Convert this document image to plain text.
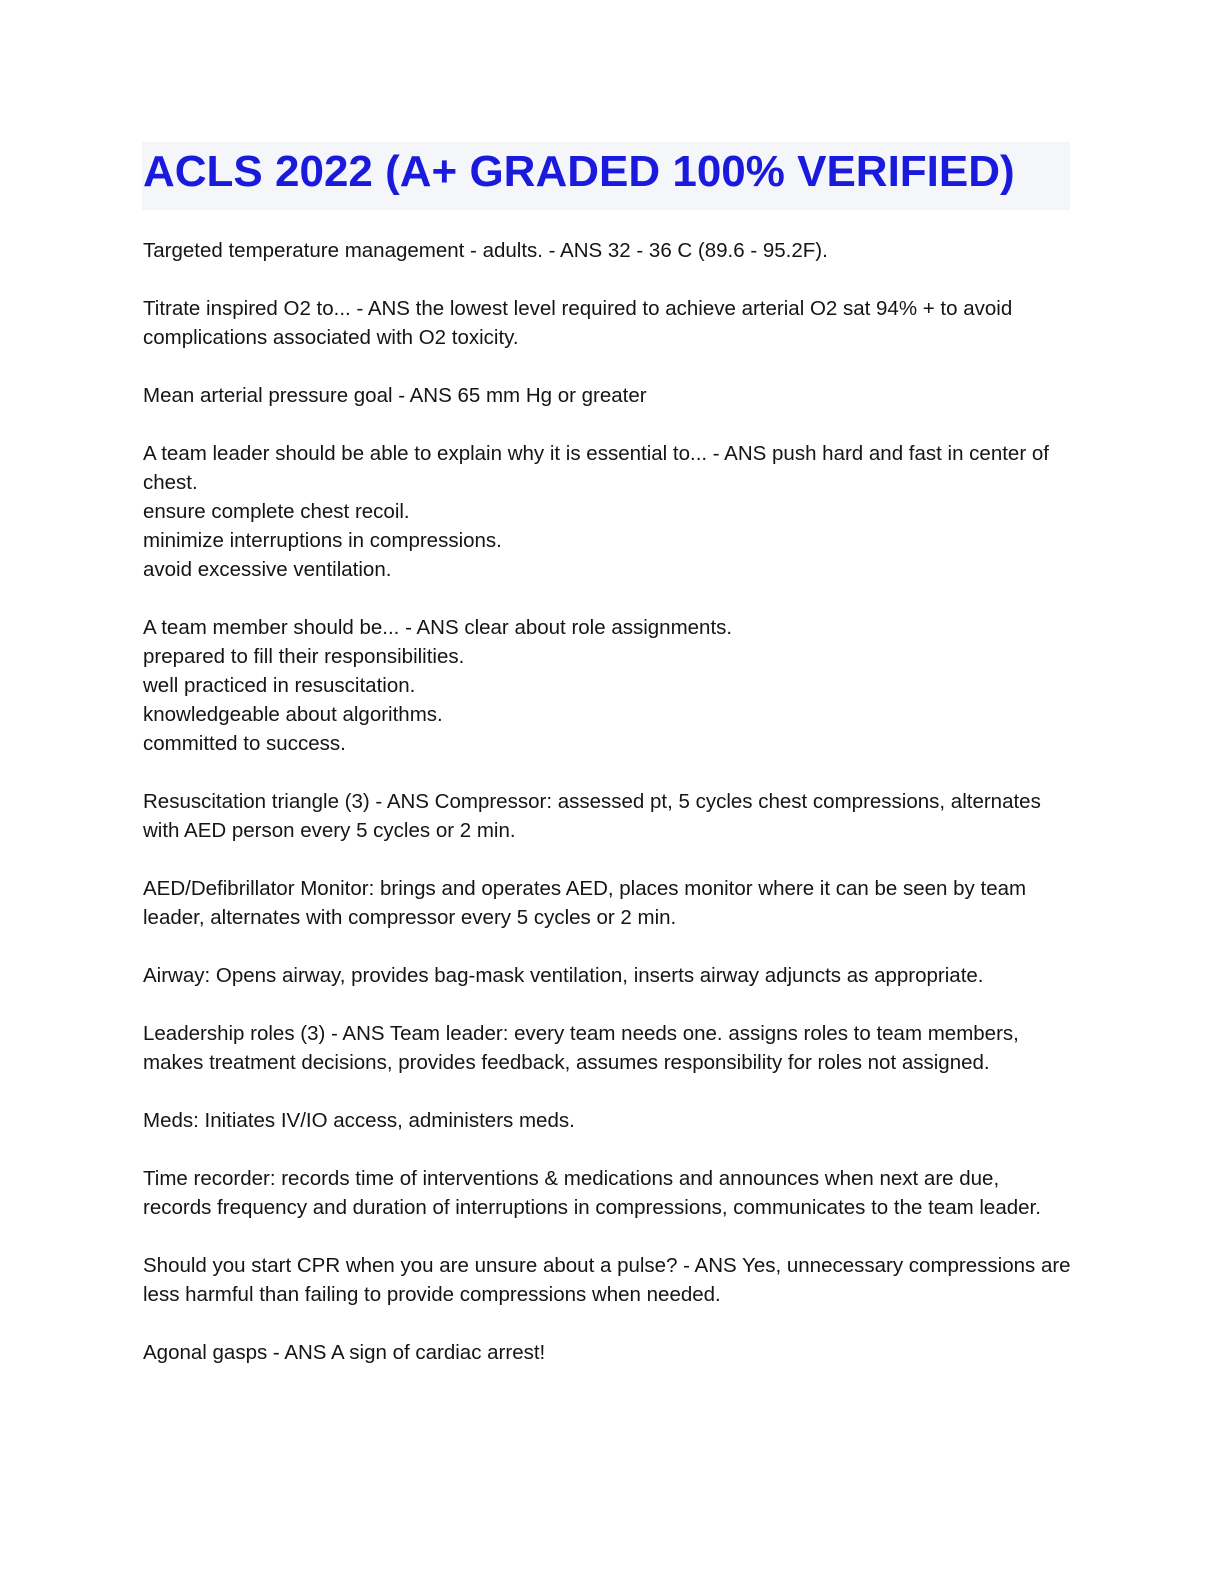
ACLS 2022 (A+ GRADED 100% VERIFIED)

Targeted temperature management - adults. - ANS 32 - 36 C (89.6 - 95.2F).

Titrate inspired O2 to... - ANS the lowest level required to achieve arterial O2 sat 94% + to avoid complications associated with O2 toxicity.

Mean arterial pressure goal - ANS 65 mm Hg or greater

A team leader should be able to explain why it is essential to... - ANS push hard and fast in center of chest.

ensure complete chest recoil.

minimize interruptions in compressions.

avoid excessive ventilation.

A team member should be... - ANS clear about role assignments.

prepared to fill their responsibilities.

well practiced in resuscitation.

knowledgeable about algorithms.

committed to success.

Resuscitation triangle (3) - ANS Compressor: assessed pt, 5 cycles chest compressions, alternates with AED person every 5 cycles or 2 min.

AED/Defibrillator Monitor: brings and operates AED, places monitor where it can be seen by team leader, alternates with compressor every 5 cycles or 2 min.

Airway: Opens airway, provides bag-mask ventilation, inserts airway adjuncts as appropriate.

Leadership roles (3) - ANS Team leader: every team needs one. assigns roles to team members, makes treatment decisions, provides feedback, assumes responsibility for roles not assigned.

Meds: Initiates IV/IO access, administers meds.

Time recorder: records time of interventions & medications and announces when next are due, records frequency and duration of interruptions in compressions, communicates to the team leader.

Should you start CPR when you are unsure about a pulse? - ANS Yes, unnecessary compressions are less harmful than failing to provide compressions when needed.

Agonal gasps - ANS A sign of cardiac arrest!
